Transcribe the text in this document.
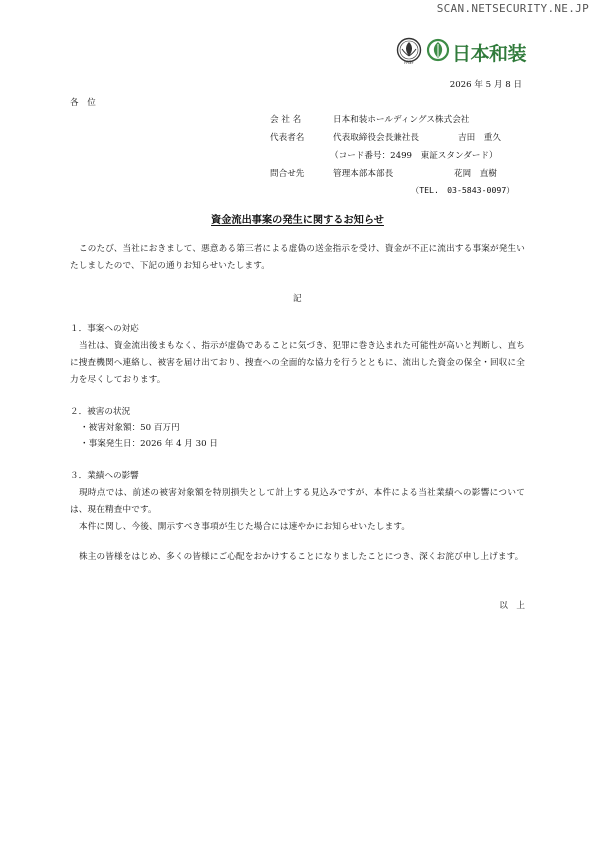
SCAN.NETSECURITY.NE.JP
FASF 日本和装
2026 年 5 月 8 日
各　位
会 社 名	日本和装ホールディングス株式会社
代表者名	代表取締役会長兼社長	吉田　重久
（コード番号：2499　東証スタンダード）
問合せ先	管理本部本部長	花岡　直樹
（TEL.　03-5843-0097）
資金流出事案の発生に関するお知らせ
このたび、当社におきまして、悪意ある第三者による虚偽の送金指示を受け、資金が不正に流出する事案が発生いたしましたので、下記の通りお知らせいたします。
記
１．事案への対応
当社は、資金流出後まもなく、指示が虚偽であることに気づき、犯罪に巻き込まれた可能性が高いと判断し、直ちに捜査機関へ連絡し、被害を届け出ており、捜査への全面的な協力を行うとともに、流出した資金の保全・回収に全力を尽くしております。
２．被害の状況
・被害対象額：50 百万円
・事案発生日：2026 年 4 月 30 日
３．業績への影響
現時点では、前述の被害対象額を特別損失として計上する見込みですが、本件による当社業績への影響については、現在精査中です。
本件に関し、今後、開示すべき事項が生じた場合には速やかにお知らせいたします。
株主の皆様をはじめ、多くの皆様にご心配をおかけすることになりましたことにつき、深くお詫び申し上げます。
以　上
